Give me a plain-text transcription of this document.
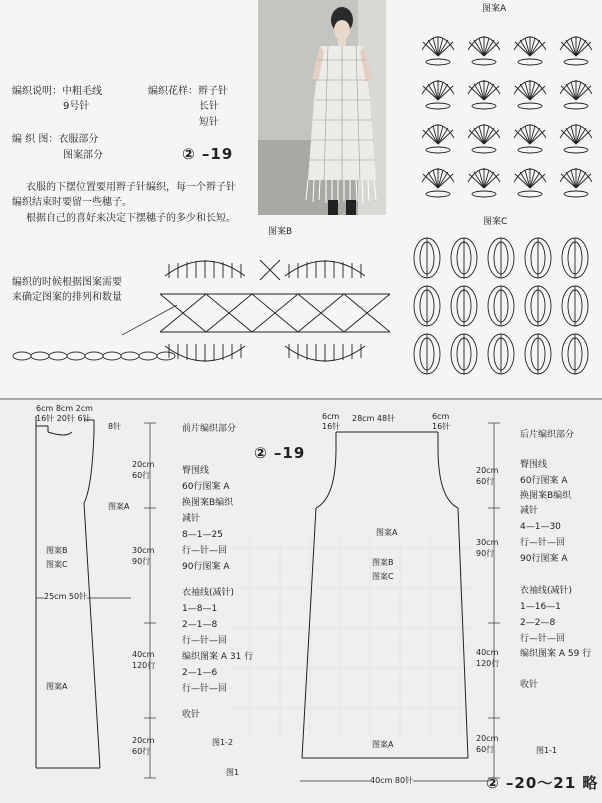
编织说明：中粗毛线
9号针
编织花样：辫子针
长针
短针
编 织 图：衣服部分
图案部分	② –19
衣服的下摆位置要用辫子针编织，每一个辫子针
编织结束时要留一些穗子。
根据自己的喜好来决定下摆穗子的多少和长短。
编织的时候根据图案需要
来确定图案的排列和数量
图案A
图案C
图案B
6cm 8cm 2cm
16针 20针 6针
8针	前片编织部分
② –19
臀围线
60行图案 A
换图案B编织
减针
8—1—25
行—针—回
90行图案 A
衣袖线(减针)
1—8—1
2—1—8
行—针—回
编织图案 A 31 行
2—1—6
行—针—回
收针
图1-2
图1
20cm
60行
30cm
90行
40cm
120行
20cm
60行
25cm 50针
图案A
图案B
图案C
图案A
6cm
16针
28cm 48针	6cm
16针
后片编织部分
臀围线
60行图案 A
换图案B编织
减针
4—1—30
行—针—回
90行图案 A
衣袖线(减针)
1—16—1
2—2—8
行—针—回
编织图案 A 59 行
收针
20cm
60行
30cm
90行
40cm
120行
20cm
60行
图案A
图案B
图案C
图案A
40cm 80针
图1-1
② –20～21 略
